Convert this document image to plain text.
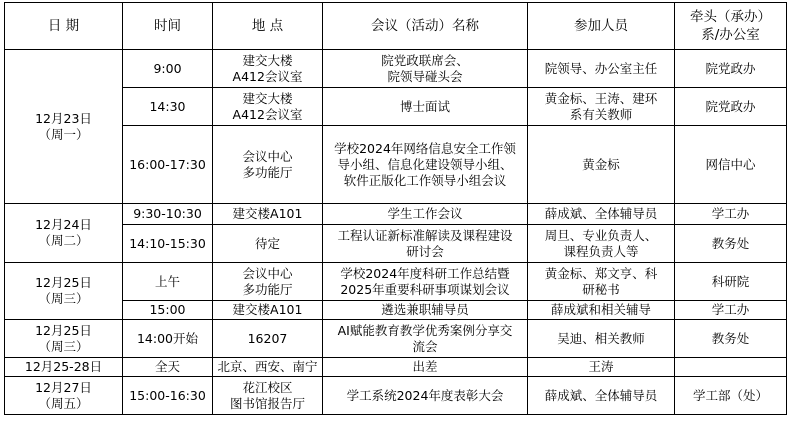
日 期	时间	地 点	会议（活动）名称	参加人员	牵头（承办）
系/办公室

12月23日
（周一）	9:00	建交大楼
A412会议室	院党政联席会、
院领导碰头会	院领导、办公室主任	院党政办
	14:30	建交大楼
A412会议室	博士面试	黄金标、王涛、建环
系有关教师	院党政办
	16:00-17:30	会议中心
多功能厅	学校2024年网络信息安全工作领
导小组、信息化建设领导小组、
软件正版化工作领导小组会议	黄金标	网信中心

12月24日
（周二）	9:30-10:30	建交楼A101	学生工作会议	薛成斌、全体辅导员	学工办
	14:10-15:30	待定	工程认证新标准解读及课程建设
研讨会	周旦、专业负责人、
课程负责人等	教务处

12月25日
（周三）	上午	会议中心
多功能厅	学校2024年度科研工作总结暨
2025年重要科研事项谋划会议	黄金标、郑文亨、科
研秘书	科研院
	15:00	建交楼A101	遴选兼职辅导员	薛成斌和相关辅导	学工办

12月25日
（周三）	14:00开始	16207	AI赋能教育教学优秀案例分享交
流会	吴迪、相关教师	教务处

12月25-28日	全天	北京、西安、南宁	出差	王涛	

12月27日
（周五）	15:00-16:30	花江校区
图书馆报告厅	学工系统2024年度表彰大会	薛成斌、全体辅导员	学工部（处）
